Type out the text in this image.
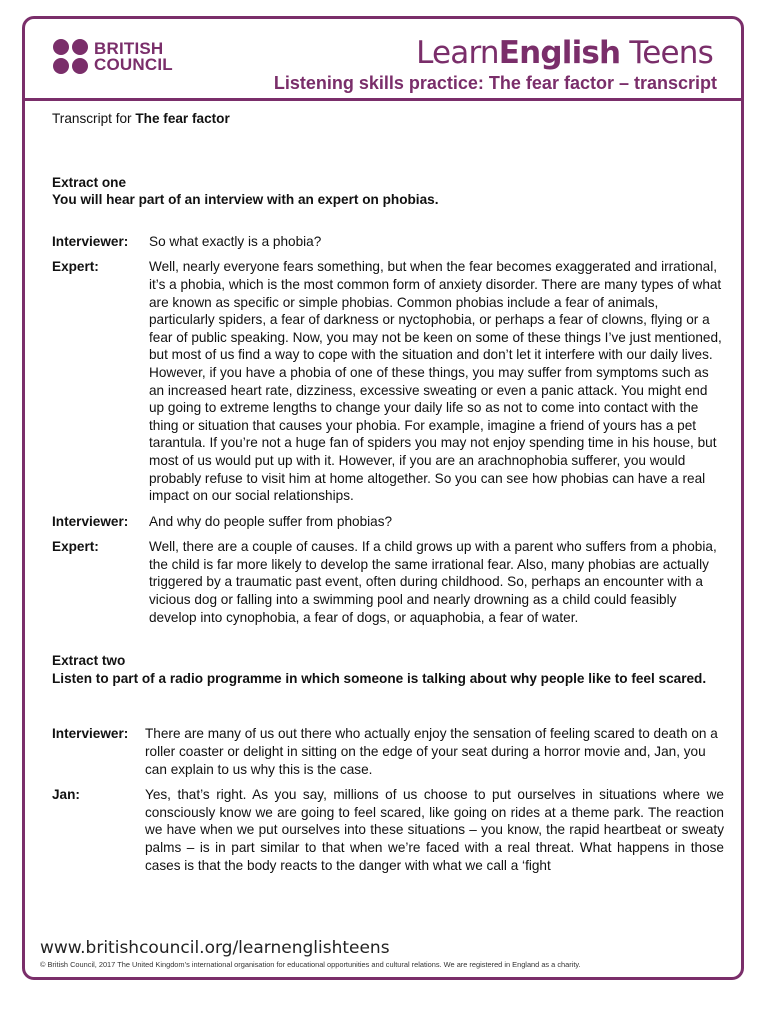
BRITISH
COUNCIL	LearnEnglish Teens
Listening skills practice: The fear factor – transcript
Transcript for The fear factor
Extract one
You will hear part of an interview with an expert on phobias.
Interviewer:	So what exactly is a phobia?
Expert:	Well, nearly everyone fears something, but when the fear becomes exaggerated and irrational, it’s a phobia, which is the most common form of anxiety disorder. There are many types of what are known as specific or simple phobias. Common phobias include a fear of animals, particularly spiders, a fear of darkness or nyctophobia, or perhaps a fear of clowns, flying or a fear of public speaking. Now, you may not be keen on some of these things I’ve just mentioned, but most of us find a way to cope with the situation and don’t let it interfere with our daily lives. However, if you have a phobia of one of these things, you may suffer from symptoms such as an increased heart rate, dizziness, excessive sweating or even a panic attack. You might end up going to extreme lengths to change your daily life so as not to come into contact with the thing or situation that causes your phobia. For example, imagine a friend of yours has a pet tarantula. If you’re not a huge fan of spiders you may not enjoy spending time in his house, but most of us would put up with it. However, if you are an arachnophobia sufferer, you would probably refuse to visit him at home altogether. So you can see how phobias can have a real impact on our social relationships.
Interviewer:	And why do people suffer from phobias?
Expert:	Well, there are a couple of causes. If a child grows up with a parent who suffers from a phobia, the child is far more likely to develop the same irrational fear. Also, many phobias are actually triggered by a traumatic past event, often during childhood. So, perhaps an encounter with a vicious dog or falling into a swimming pool and nearly drowning as a child could feasibly develop into cynophobia, a fear of dogs, or aquaphobia, a fear of water.
Extract two
Listen to part of a radio programme in which someone is talking about why people like to feel scared.
Interviewer:	There are many of us out there who actually enjoy the sensation of feeling scared to death on a roller coaster or delight in sitting on the edge of your seat during a horror movie and, Jan, you can explain to us why this is the case.
Jan:	Yes, that’s right. As you say, millions of us choose to put ourselves in situations where we consciously know we are going to feel scared, like going on rides at a theme park. The reaction we have when we put ourselves into these situations – you know, the rapid heartbeat or sweaty palms – is in part similar to that when we’re faced with a real threat. What happens in those cases is that the body reacts to the danger with what we call a ‘fight
www.britishcouncil.org/learnenglishteens
© British Council, 2017 The United Kingdom’s international organisation for educational opportunities and cultural relations. We are registered in England as a charity.
